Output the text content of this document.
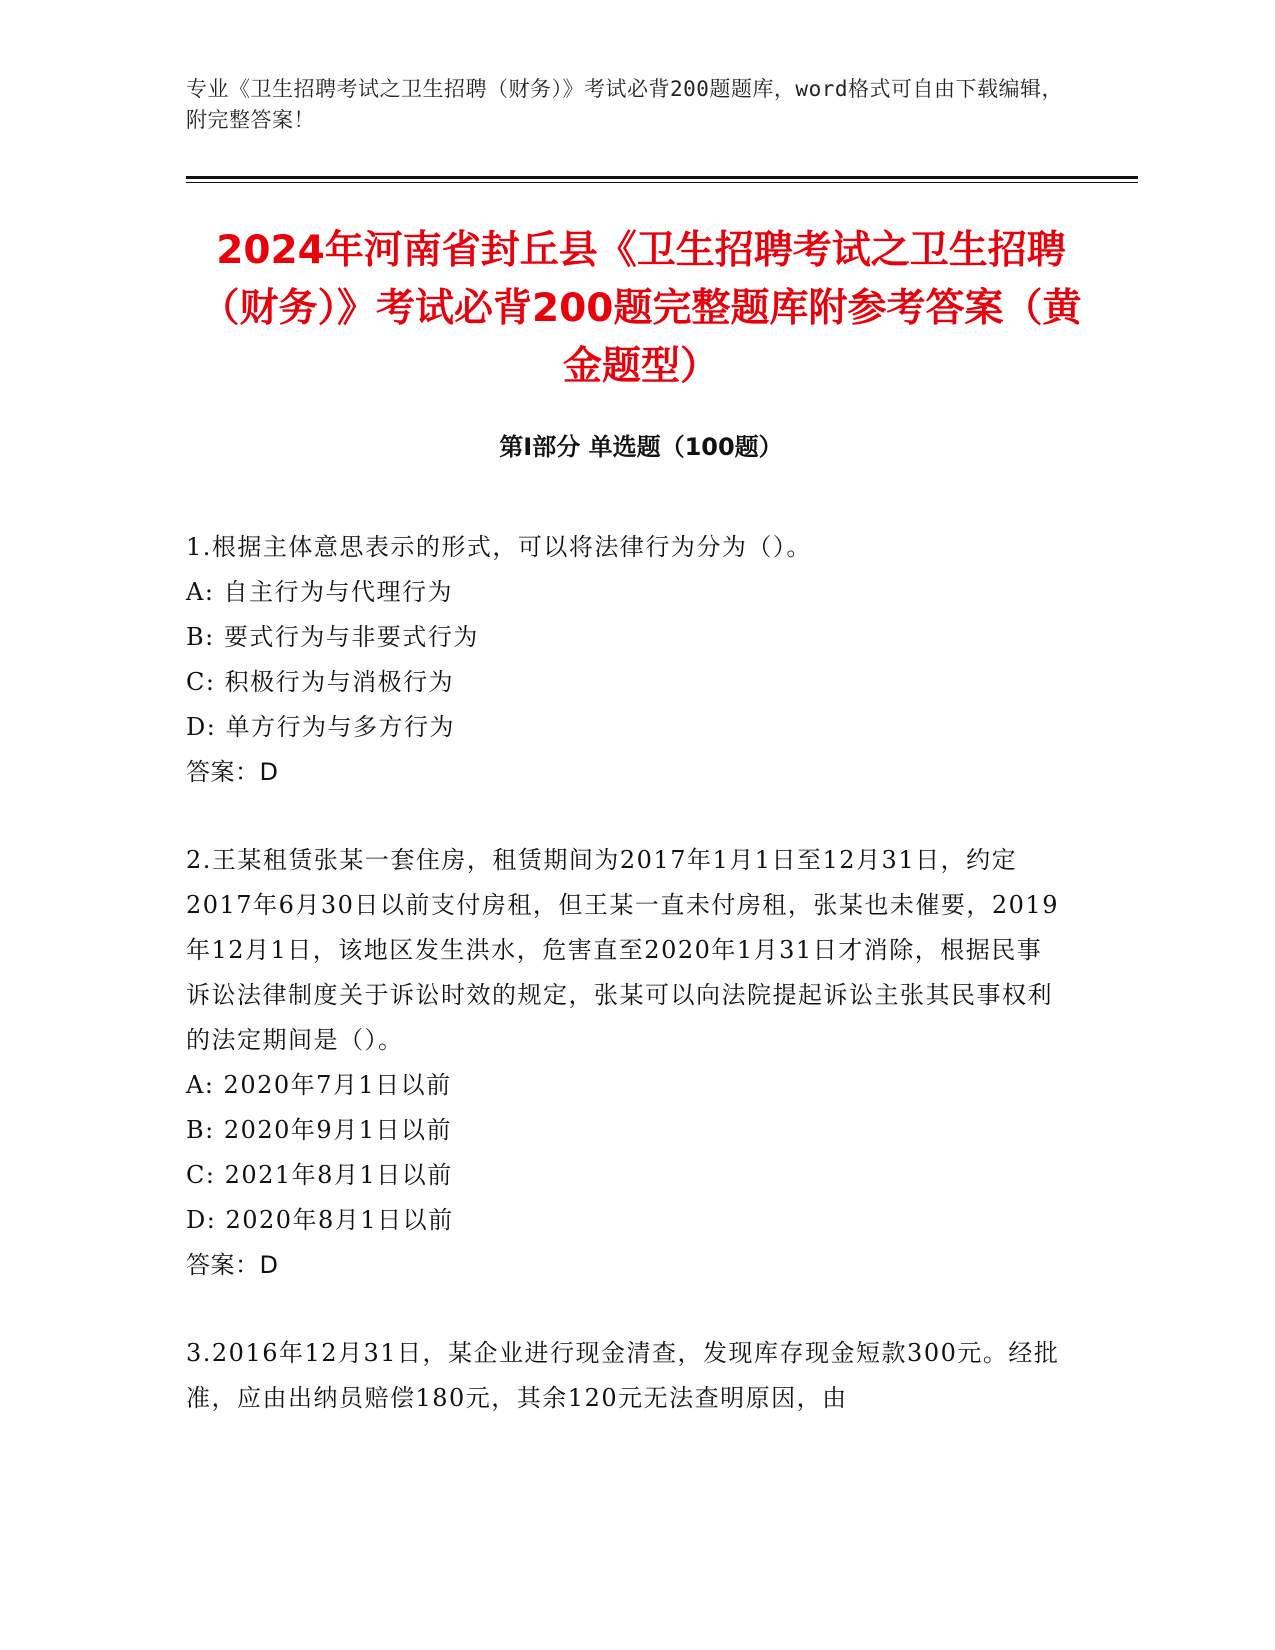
专业《卫生招聘考试之卫生招聘（财务）》考试必背200题题库，word格式可自由下载编辑，附完整答案！
2024年河南省封丘县《卫生招聘考试之卫生招聘（财务）》考试必背200题完整题库附参考答案（黄金题型）
第I部分 单选题（100题）

1.根据主体意思表示的形式，可以将法律行为分为（）。

A: 自主行为与代理行为

B: 要式行为与非要式行为

C: 积极行为与消极行为

D: 单方行为与多方行为

答案：D

2.王某租赁张某一套住房，租赁期间为2017年1月1日至12月31日，约定2017年6月30日以前支付房租，但王某一直未付房租，张某也未催要，2019年12月1日，该地区发生洪水，危害直至2020年1月31日才消除，根据民事诉讼法律制度关于诉讼时效的规定，张某可以向法院提起诉讼主张其民事权利的法定期间是（）。

A: 2020年7月1日以前

B: 2020年9月1日以前

C: 2021年8月1日以前

D: 2020年8月1日以前

答案：D

3.2016年12月31日，某企业进行现金清查，发现库存现金短款300元。经批准，应由出纳员赔偿180元，其余120元无法查明原因，由
